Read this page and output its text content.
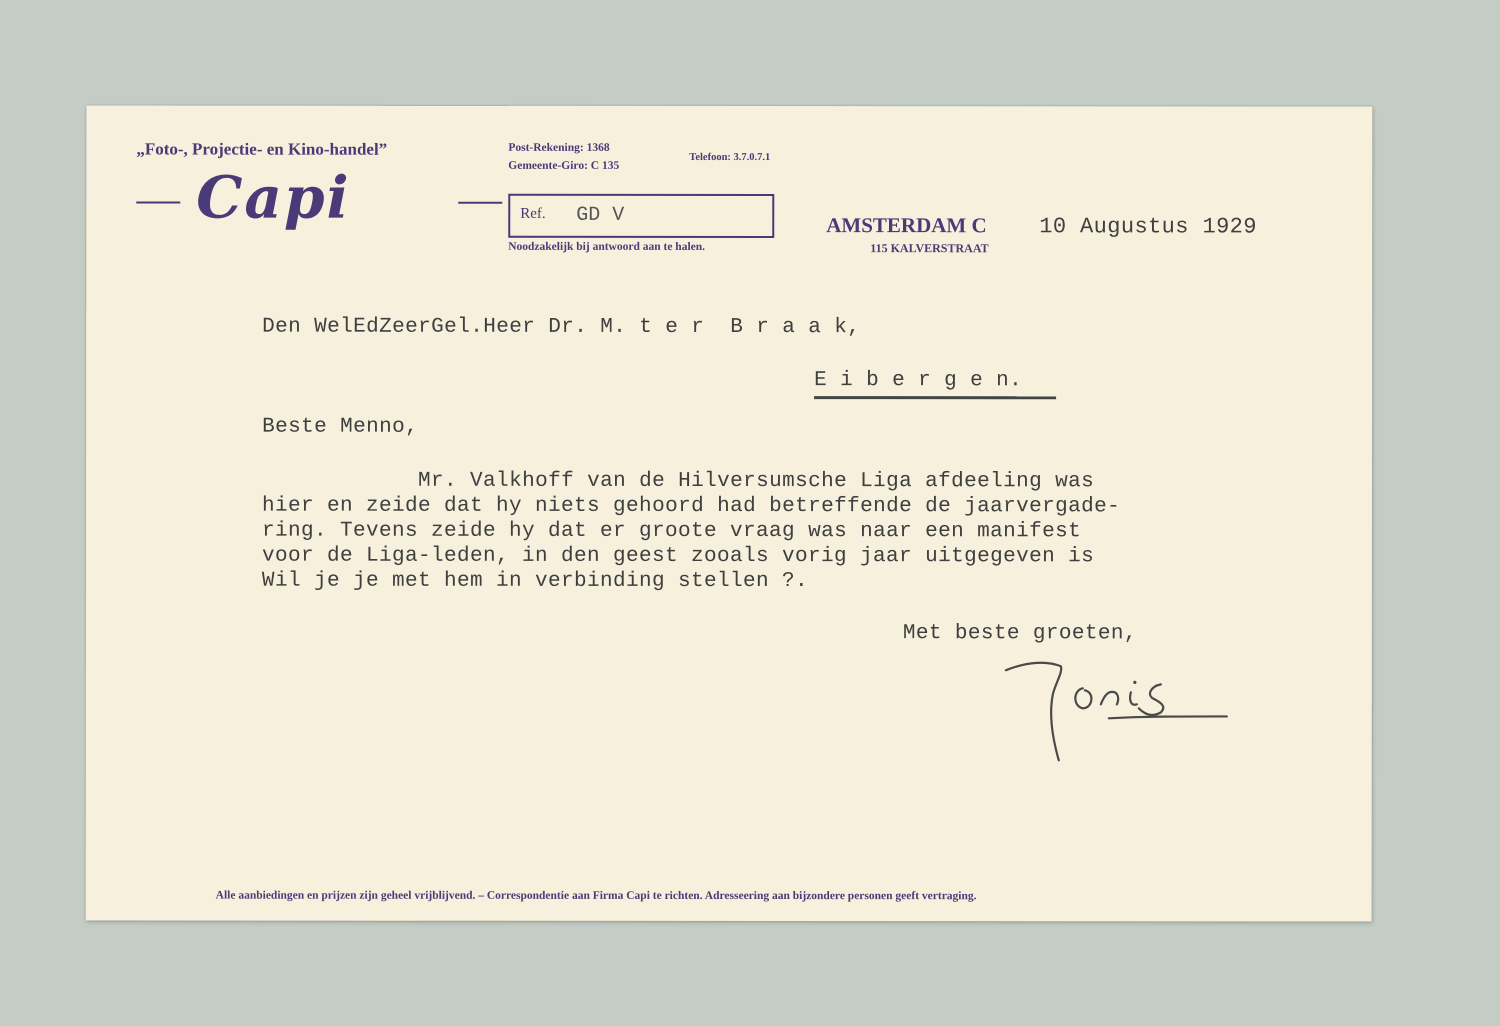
„Foto-, Projectie- en Kino-handel”
Capi
Post-Rekening: 1368
Gemeente-Giro: C 135
Telefoon: 3.7.0.7.1
Ref. GD V
Noodzakelijk bij antwoord aan te halen.
AMSTERDAM C
115 KALVERSTRAAT
10 Augustus 1929
Den WelEdZeerGel.Heer Dr. M. t e r  B r a a k,
E i b e r g e n.
Beste Menno,
Mr. Valkhoff van de Hilversumsche Liga afdeeling was
hier en zeide dat hy niets gehoord had betreffende de jaarvergade-
ring. Tevens zeide hy dat er groote vraag was naar een manifest
voor de Liga-leden, in den geest zooals vorig jaar uitgegeven is
Wil je je met hem in verbinding stellen ?.
Met beste groeten,
Alle aanbiedingen en prijzen zijn geheel vrijblijvend. – Correspondentie aan Firma Capi te richten. Adresseering aan bijzondere personen geeft vertraging.
